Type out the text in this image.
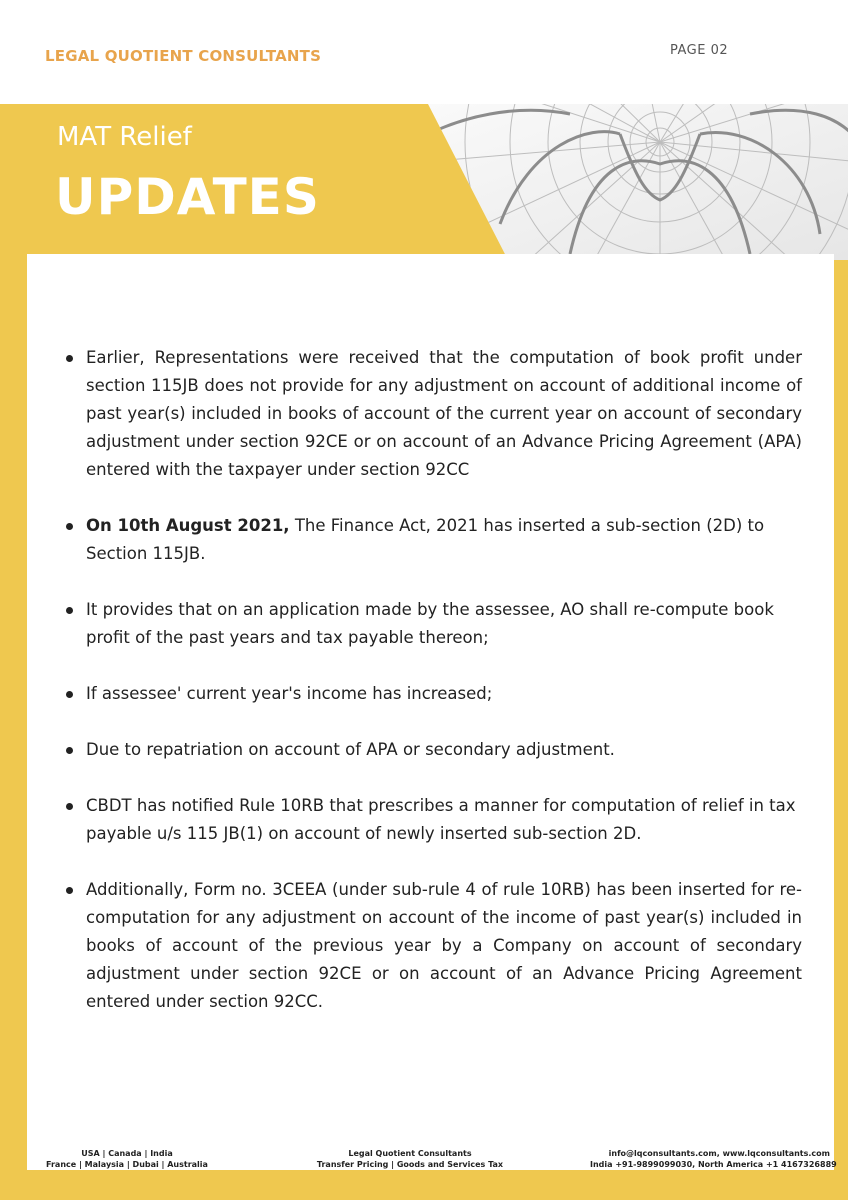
LEGAL QUOTIENT CONSULTANTS	PAGE 02
MAT Relief
UPDATES
Earlier, Representations were received that the computation of book profit under section 115JB does not provide for any adjustment on account of additional income of past year(s) included in books of account of the current year on account of secondary adjustment under section 92CE or on account of an Advance Pricing Agreement (APA) entered with the taxpayer under section 92CC
On 10th August 2021, The Finance Act, 2021 has inserted a sub-section (2D) to Section 115JB.
It provides that on an application made by the assessee, AO shall re-compute book profit of the past years and tax payable thereon;
If assessee' current year's income has increased;
Due to repatriation on account of APA or secondary adjustment.
CBDT has notified Rule 10RB that prescribes a manner for computation of relief in tax payable u/s 115 JB(1) on account of newly inserted sub-section 2D.
Additionally, Form no. 3CEEA (under sub-rule 4 of rule 10RB) has been inserted for re-computation for any adjustment on account of the income of past year(s) included in books of account of the previous year by a Company on account of secondary adjustment under section 92CE or on account of an Advance Pricing Agreement entered under section 92CC.
USA | Canada | India
France | Malaysia | Dubai | Australia
Legal Quotient Consultants
Transfer Pricing | Goods and Services Tax
info@lqconsultants.com, www.lqconsultants.com
India +91-9899099030, North America +1 4167326889
